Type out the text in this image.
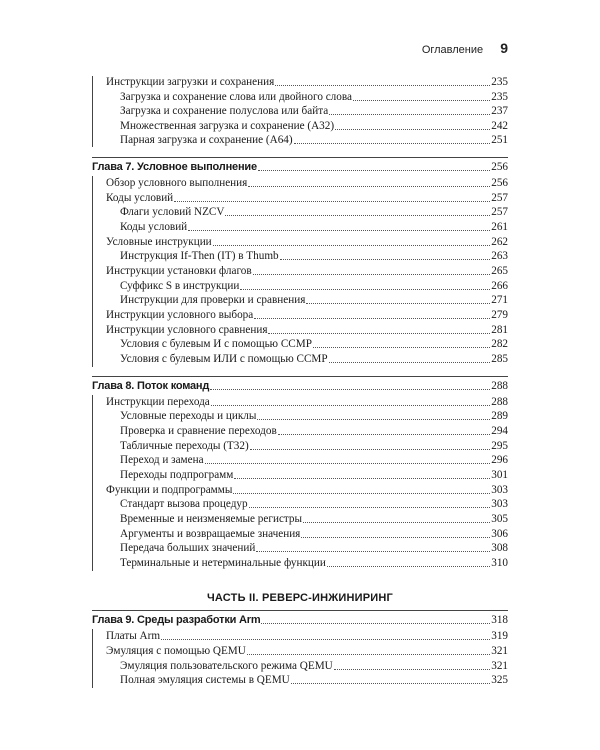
Оглавление 9
Инструкции загрузки и сохранения	235
Загрузка и сохранение слова или двойного слова	235
Загрузка и сохранение полуслова или байта	237
Множественная загрузка и сохранение (A32)	242
Парная загрузка и сохранение (A64)	251
Глава 7. Условное выполнение	256
Обзор условного выполнения	256
Коды условий	257
Флаги условий NZCV	257
Коды условий	261
Условные инструкции	262
Инструкция If-Then (IT) в Thumb	263
Инструкции установки флагов	265
Суффикс S в инструкции	266
Инструкции для проверки и сравнения	271
Инструкции условного выбора	279
Инструкции условного сравнения	281
Условия с булевым И с помощью CCMP	282
Условия с булевым ИЛИ с помощью CCMP	285
Глава 8. Поток команд	288
Инструкции перехода	288
Условные переходы и циклы	289
Проверка и сравнение переходов	294
Табличные переходы (T32)	295
Переход и замена	296
Переходы подпрограмм	301
Функции и подпрограммы	303
Стандарт вызова процедур	303
Временные и неизменяемые регистры	305
Аргументы и возвращаемые значения	306
Передача больших значений	308
Терминальные и нетерминальные функции	310
ЧАСТЬ II. РЕВЕРС-ИНЖИНИРИНГ
Глава 9. Среды разработки Arm	318
Платы Arm	319
Эмуляция с помощью QEMU	321
Эмуляция пользовательского режима QEMU	321
Полная эмуляция системы в QEMU	325
